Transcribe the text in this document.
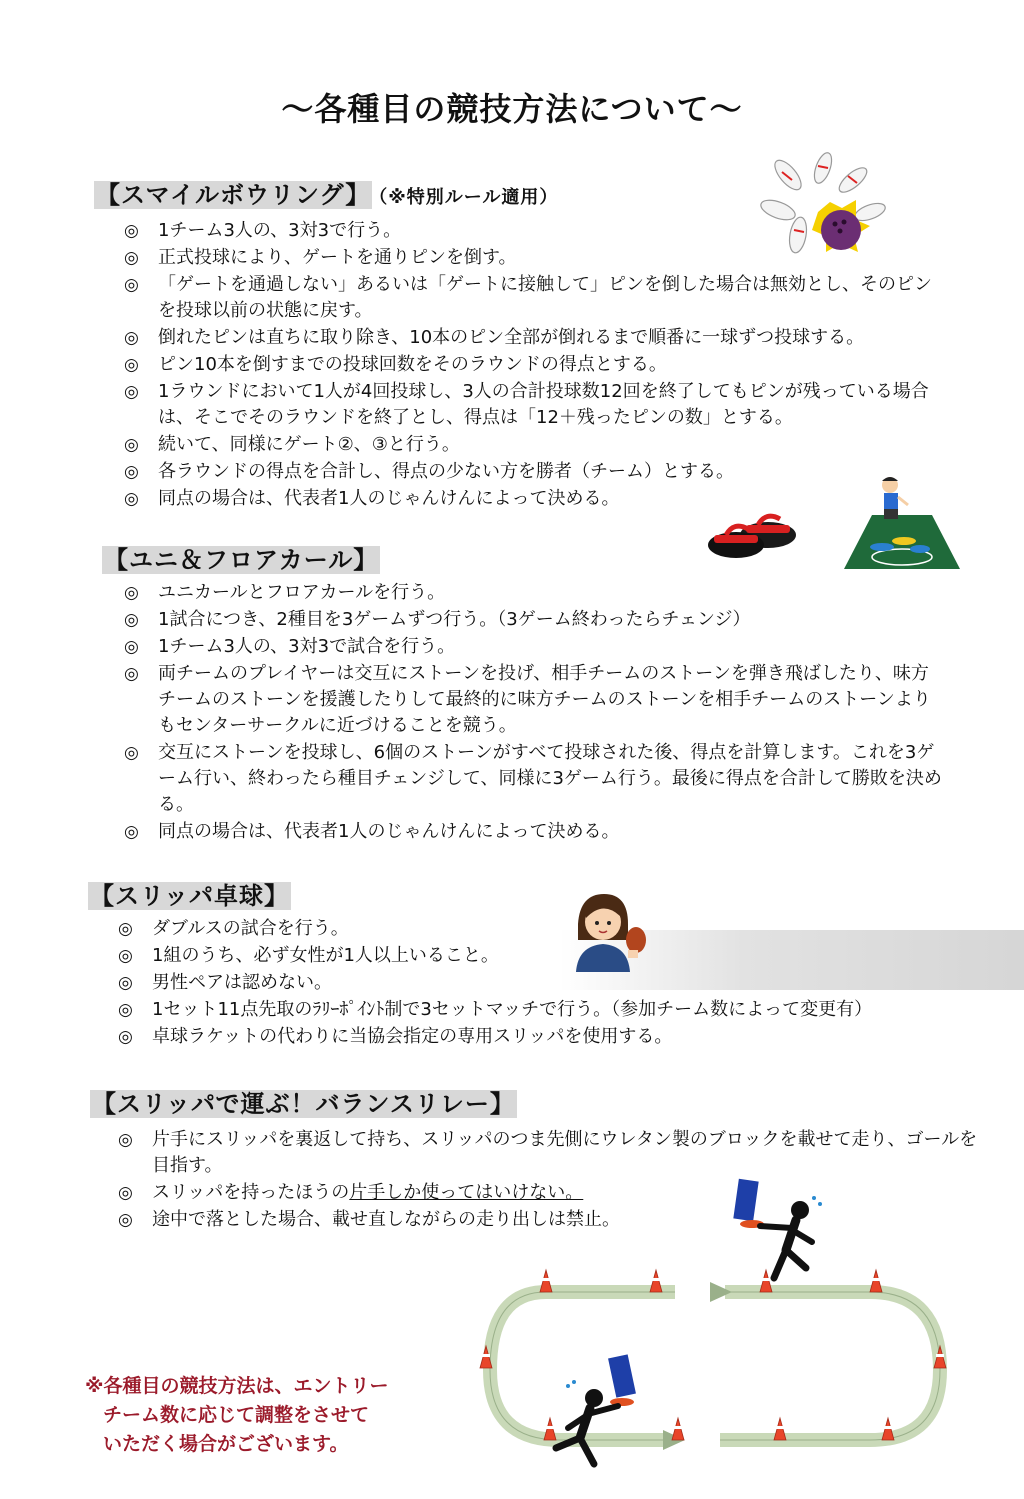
〜各種目の競技方法について〜
【スマイルボウリング】 （※特別ルール適用）
◎ 1チーム3人の、3対3で行う。
◎ 正式投球により、ゲートを通りピンを倒す。
◎ 「ゲートを通過しない」あるいは「ゲートに接触して」ピンを倒した場合は無効とし、そのピンを投球以前の状態に戻す。
◎ 倒れたピンは直ちに取り除き、10本のピン全部が倒れるまで順番に一球ずつ投球する。
◎ ピン10本を倒すまでの投球回数をそのラウンドの得点とする。
◎ 1ラウンドにおいて1人が4回投球し、3人の合計投球数12回を終了してもピンが残っている場合は、そこでそのラウンドを終了とし、得点は「12＋残ったピンの数」とする。
◎ 続いて、同様にゲート②、③と行う。
◎ 各ラウンドの得点を合計し、得点の少ない方を勝者（チーム）とする。
◎ 同点の場合は、代表者1人のじゃんけんによって決める。
【ユニ＆フロアカール】
◎ ユニカールとフロアカールを行う。
◎ 1試合につき、2種目を3ゲームずつ行う。（3ゲーム終わったらチェンジ）
◎ 1チーム3人の、3対3で試合を行う。
◎ 両チームのプレイヤーは交互にストーンを投げ、相手チームのストーンを弾き飛ばしたり、味方チームのストーンを援護したりして最終的に味方チームのストーンを相手チームのストーンよりもセンターサークルに近づけることを競う。
◎ 交互にストーンを投球し、6個のストーンがすべて投球された後、得点を計算します。これを3ゲーム行い、終わったら種目チェンジして、同様に3ゲーム行う。最後に得点を合計して勝敗を決める。
◎ 同点の場合は、代表者1人のじゃんけんによって決める。
【スリッパ卓球】
◎ ダブルスの試合を行う。
◎ 1組のうち、必ず女性が1人以上いること。
◎ 男性ペアは認めない。
◎ 1セット11点先取のﾗﾘｰﾎﾟｲﾝﾄ制で3セットマッチで行う。（参加チーム数によって変更有）
◎ 卓球ラケットの代わりに当協会指定の専用スリッパを使用する。
【スリッパで運ぶ！バランスリレー】
◎ 片手にスリッパを裏返して持ち、スリッパのつま先側にウレタン製のブロックを載せて走り、ゴールを目指す。
◎ スリッパを持ったほうの片手しか使ってはいけない。
◎ 途中で落とした場合、載せ直しながらの走り出しは禁止。
※各種目の競技方法は、エントリー
チーム数に応じて調整をさせて
いただく場合がございます。
